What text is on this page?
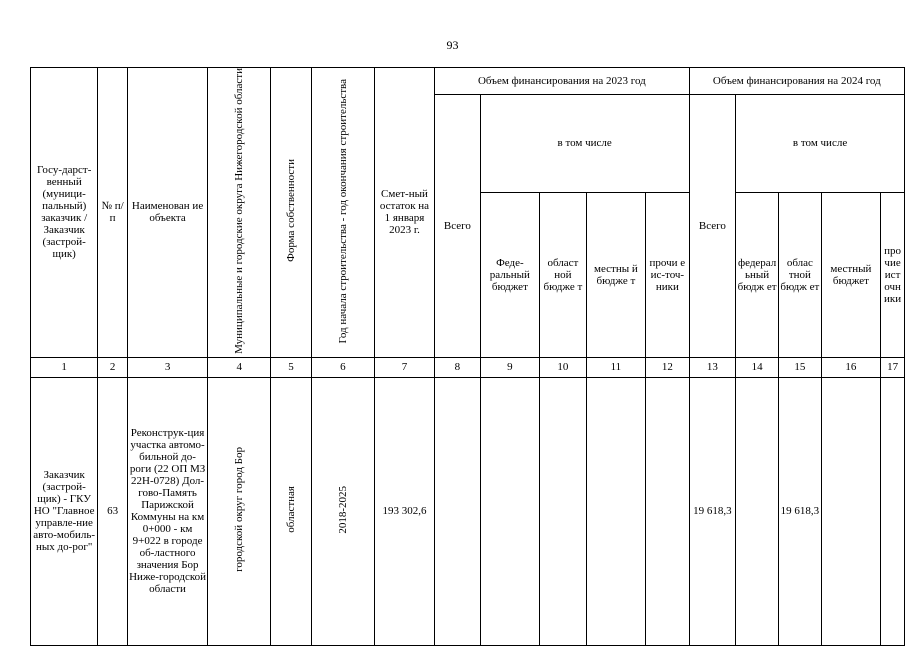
93
Госу-дарст-венный (муници-пальный) заказчик / Заказчик (застрой-щик)	№ п/п	Наименован ие объекта	Муниципальные и городские округа Нижегородской области	Форма собственности	Год начала строительства - год окончания строительства	Смет-ный остаток на 1 января 2023 г.	Объем финансирования на 2023 год					Объем финансирования на 2024 год				
							Всего	в том числе				Всего	в том числе			
								Феде-ральный бюджет	област ной бюдже т	местны й бюдже т	прочи е ис-точ-ники		федерал ьный бюдж ет	облас тной бюдж ет	местный бюджет	прочие источники
1	2	3	4	5	6	7	8	9	10	11	12	13	14	15	16	17
Заказчик (застрой-щик) - ГКУ НО "Главное управле-ние авто-мобиль-ных до-рог"	63	Реконструк-ция участка автомо-бильной до-роги (22 ОП МЗ 22Н-0728) Дол-гово-Память Парижской Коммуны на км 0+000 - км 9+022 в городе об-ластного значения Бор Ниже-городской области	городской округ город Бор	областная	2018-2025	193 302,6						19 618,3		19 618,3		
